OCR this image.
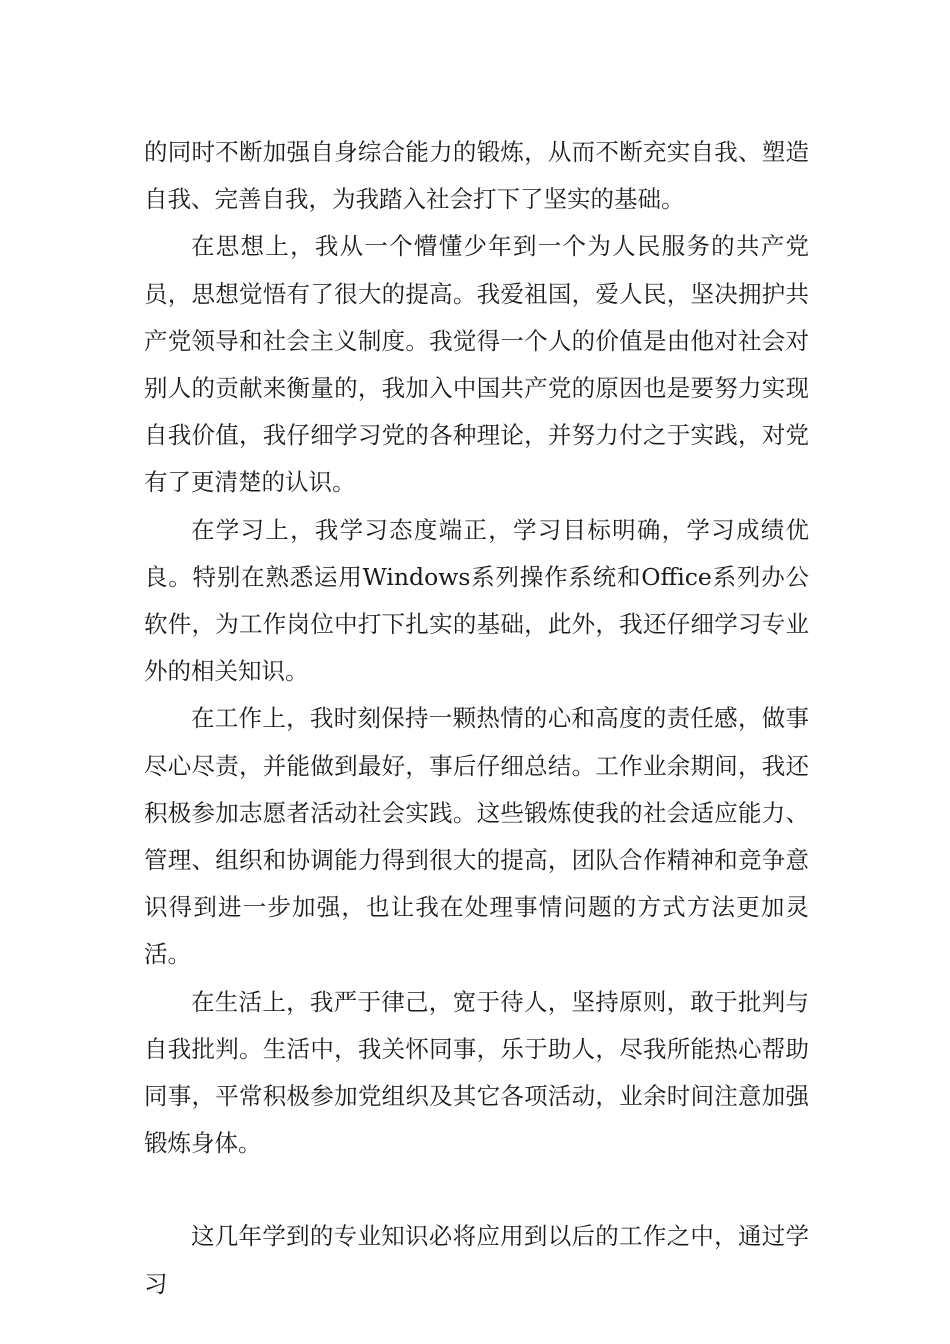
的同时不断加强自身综合能力的锻炼，从而不断充实自我、塑造自我、完善自我，为我踏入社会打下了坚实的基础。

在思想上，我从一个懵懂少年到一个为人民服务的共产党员，思想觉悟有了很大的提高。我爱祖国，爱人民，坚决拥护共产党领导和社会主义制度。我觉得一个人的价值是由他对社会对别人的贡献来衡量的，我加入中国共产党的原因也是要努力实现自我价值，我仔细学习党的各种理论，并努力付之于实践，对党有了更清楚的认识。

在学习上，我学习态度端正，学习目标明确，学习成绩优良。特别在熟悉运用Windows系列操作系统和Office系列办公软件，为工作岗位中打下扎实的基础，此外，我还仔细学习专业外的相关知识。

在工作上，我时刻保持一颗热情的心和高度的责任感，做事尽心尽责，并能做到最好，事后仔细总结。工作业余期间，我还积极参加志愿者活动社会实践。这些锻炼使我的社会适应能力、管理、组织和协调能力得到很大的提高，团队合作精神和竞争意识得到进一步加强，也让我在处理事情问题的方式方法更加灵活。

在生活上，我严于律己，宽于待人，坚持原则，敢于批判与自我批判。生活中，我关怀同事，乐于助人，尽我所能热心帮助同事，平常积极参加党组织及其它各项活动，业余时间注意加强锻炼身体。

这几年学到的专业知识必将应用到以后的工作之中，通过学习
